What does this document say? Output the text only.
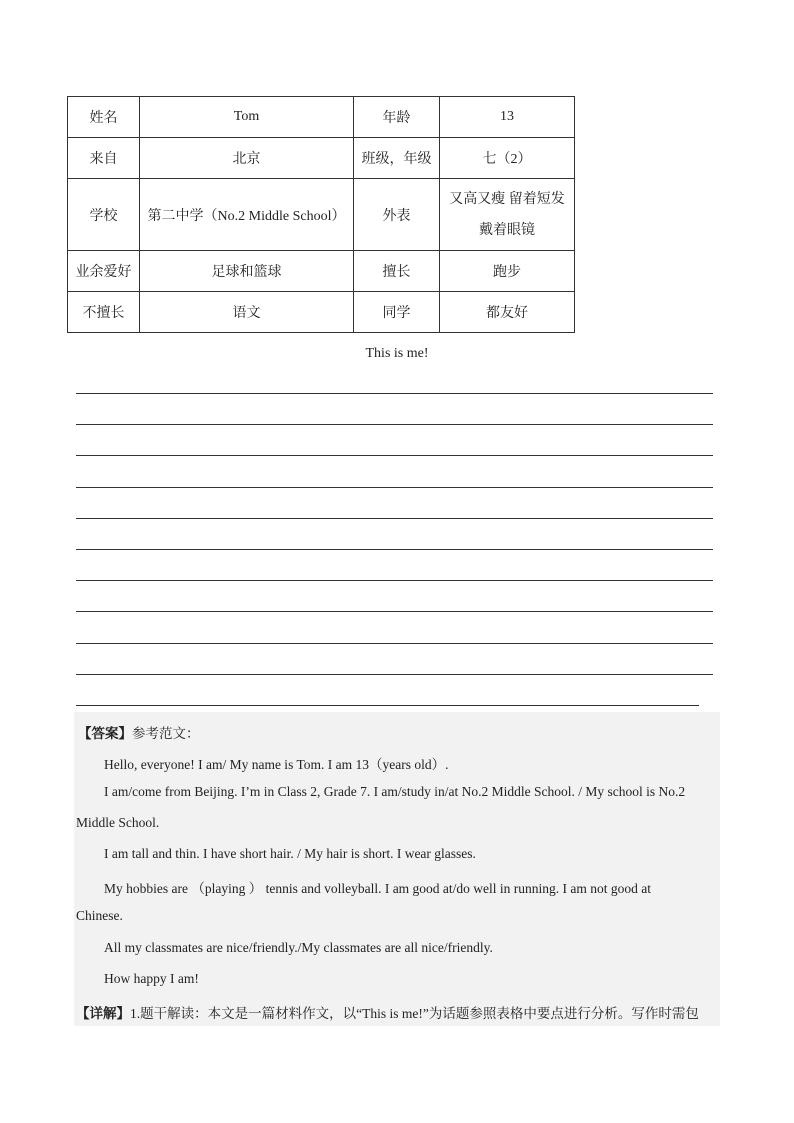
姓名	Tom	年龄	13
来自	北京	班级，年级	七（2）
学校	第二中学（No.2 Middle School）	外表	又高又瘦 留着短发
戴着眼镜

业余爱好	足球和篮球	擅长	跑步
不擅长	语文	同学	都友好
This is me!

【答案】参考范文：

Hello, everyone! I am/ My name is Tom. I am 13（years old）.

I am/come from Beijing. I’m in Class 2, Grade 7. I am/study in/at No.2 Middle School. / My school is No.2

Middle School.

I am tall and thin. I have short hair. / My hair is short. I wear glasses.

My hobbies are （playing ） tennis and volleyball. I am good at/do well in running. I am not good at

Chinese.

All my classmates are nice/friendly./My classmates are all nice/friendly.

How happy I am!

【详解】1.题干解读：本文是一篇材料作文，以“This is me!”为话题参照表格中要点进行分析。写作时需包
